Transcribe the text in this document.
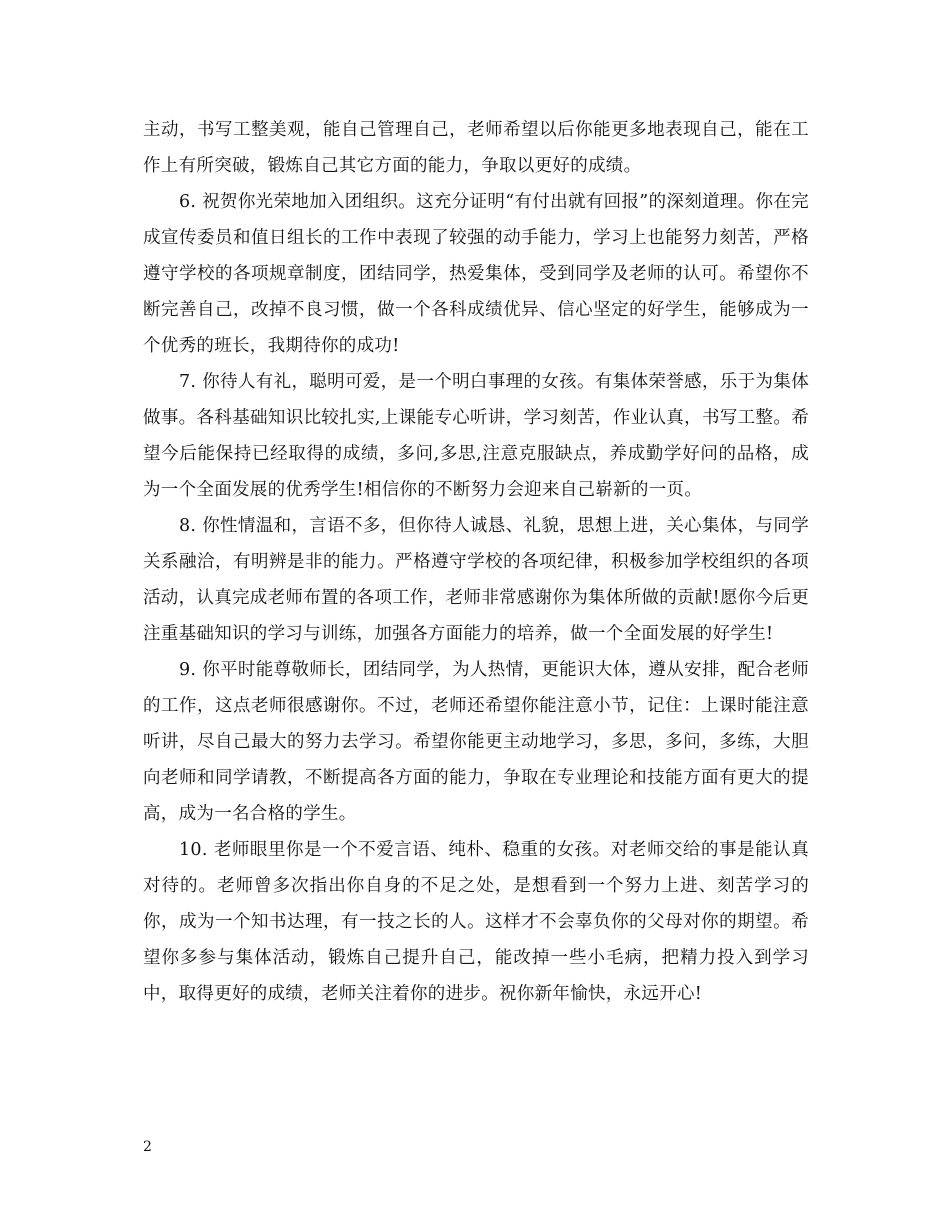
主动，书写工整美观，能自己管理自己，老师希望以后你能更多地表现自己，能在工作上有所突破，锻炼自己其它方面的能力，争取以更好的成绩。

6. 祝贺你光荣地加入团组织。这充分证明“有付出就有回报”的深刻道理。你在完成宣传委员和值日组长的工作中表现了较强的动手能力，学习上也能努力刻苦，严格遵守学校的各项规章制度，团结同学，热爱集体，受到同学及老师的认可。希望你不断完善自己，改掉不良习惯，做一个各科成绩优异、信心坚定的好学生，能够成为一个优秀的班长，我期待你的成功!

7. 你待人有礼，聪明可爱，是一个明白事理的女孩。有集体荣誉感，乐于为集体做事。各科基础知识比较扎实,上课能专心听讲，学习刻苦，作业认真，书写工整。希望今后能保持已经取得的成绩，多问,多思,注意克服缺点，养成勤学好问的品格，成为一个全面发展的优秀学生!相信你的不断努力会迎来自己崭新的一页。

8. 你性情温和，言语不多，但你待人诚恳、礼貌，思想上进，关心集体，与同学关系融洽，有明辨是非的能力。严格遵守学校的各项纪律，积极参加学校组织的各项活动，认真完成老师布置的各项工作，老师非常感谢你为集体所做的贡献!愿你今后更注重基础知识的学习与训练，加强各方面能力的培养，做一个全面发展的好学生!

9. 你平时能尊敬师长，团结同学，为人热情，更能识大体，遵从安排，配合老师的工作，这点老师很感谢你。不过，老师还希望你能注意小节，记住：上课时能注意听讲，尽自己最大的努力去学习。希望你能更主动地学习，多思，多问，多练，大胆向老师和同学请教，不断提高各方面的能力，争取在专业理论和技能方面有更大的提高，成为一名合格的学生。

10. 老师眼里你是一个不爱言语、纯朴、稳重的女孩。对老师交给的事是能认真对待的。老师曾多次指出你自身的不足之处，是想看到一个努力上进、刻苦学习的你，成为一个知书达理，有一技之长的人。这样才不会辜负你的父母对你的期望。希望你多参与集体活动，锻炼自己提升自己，能改掉一些小毛病，把精力投入到学习中，取得更好的成绩，老师关注着你的进步。祝你新年愉快，永远开心!

2
